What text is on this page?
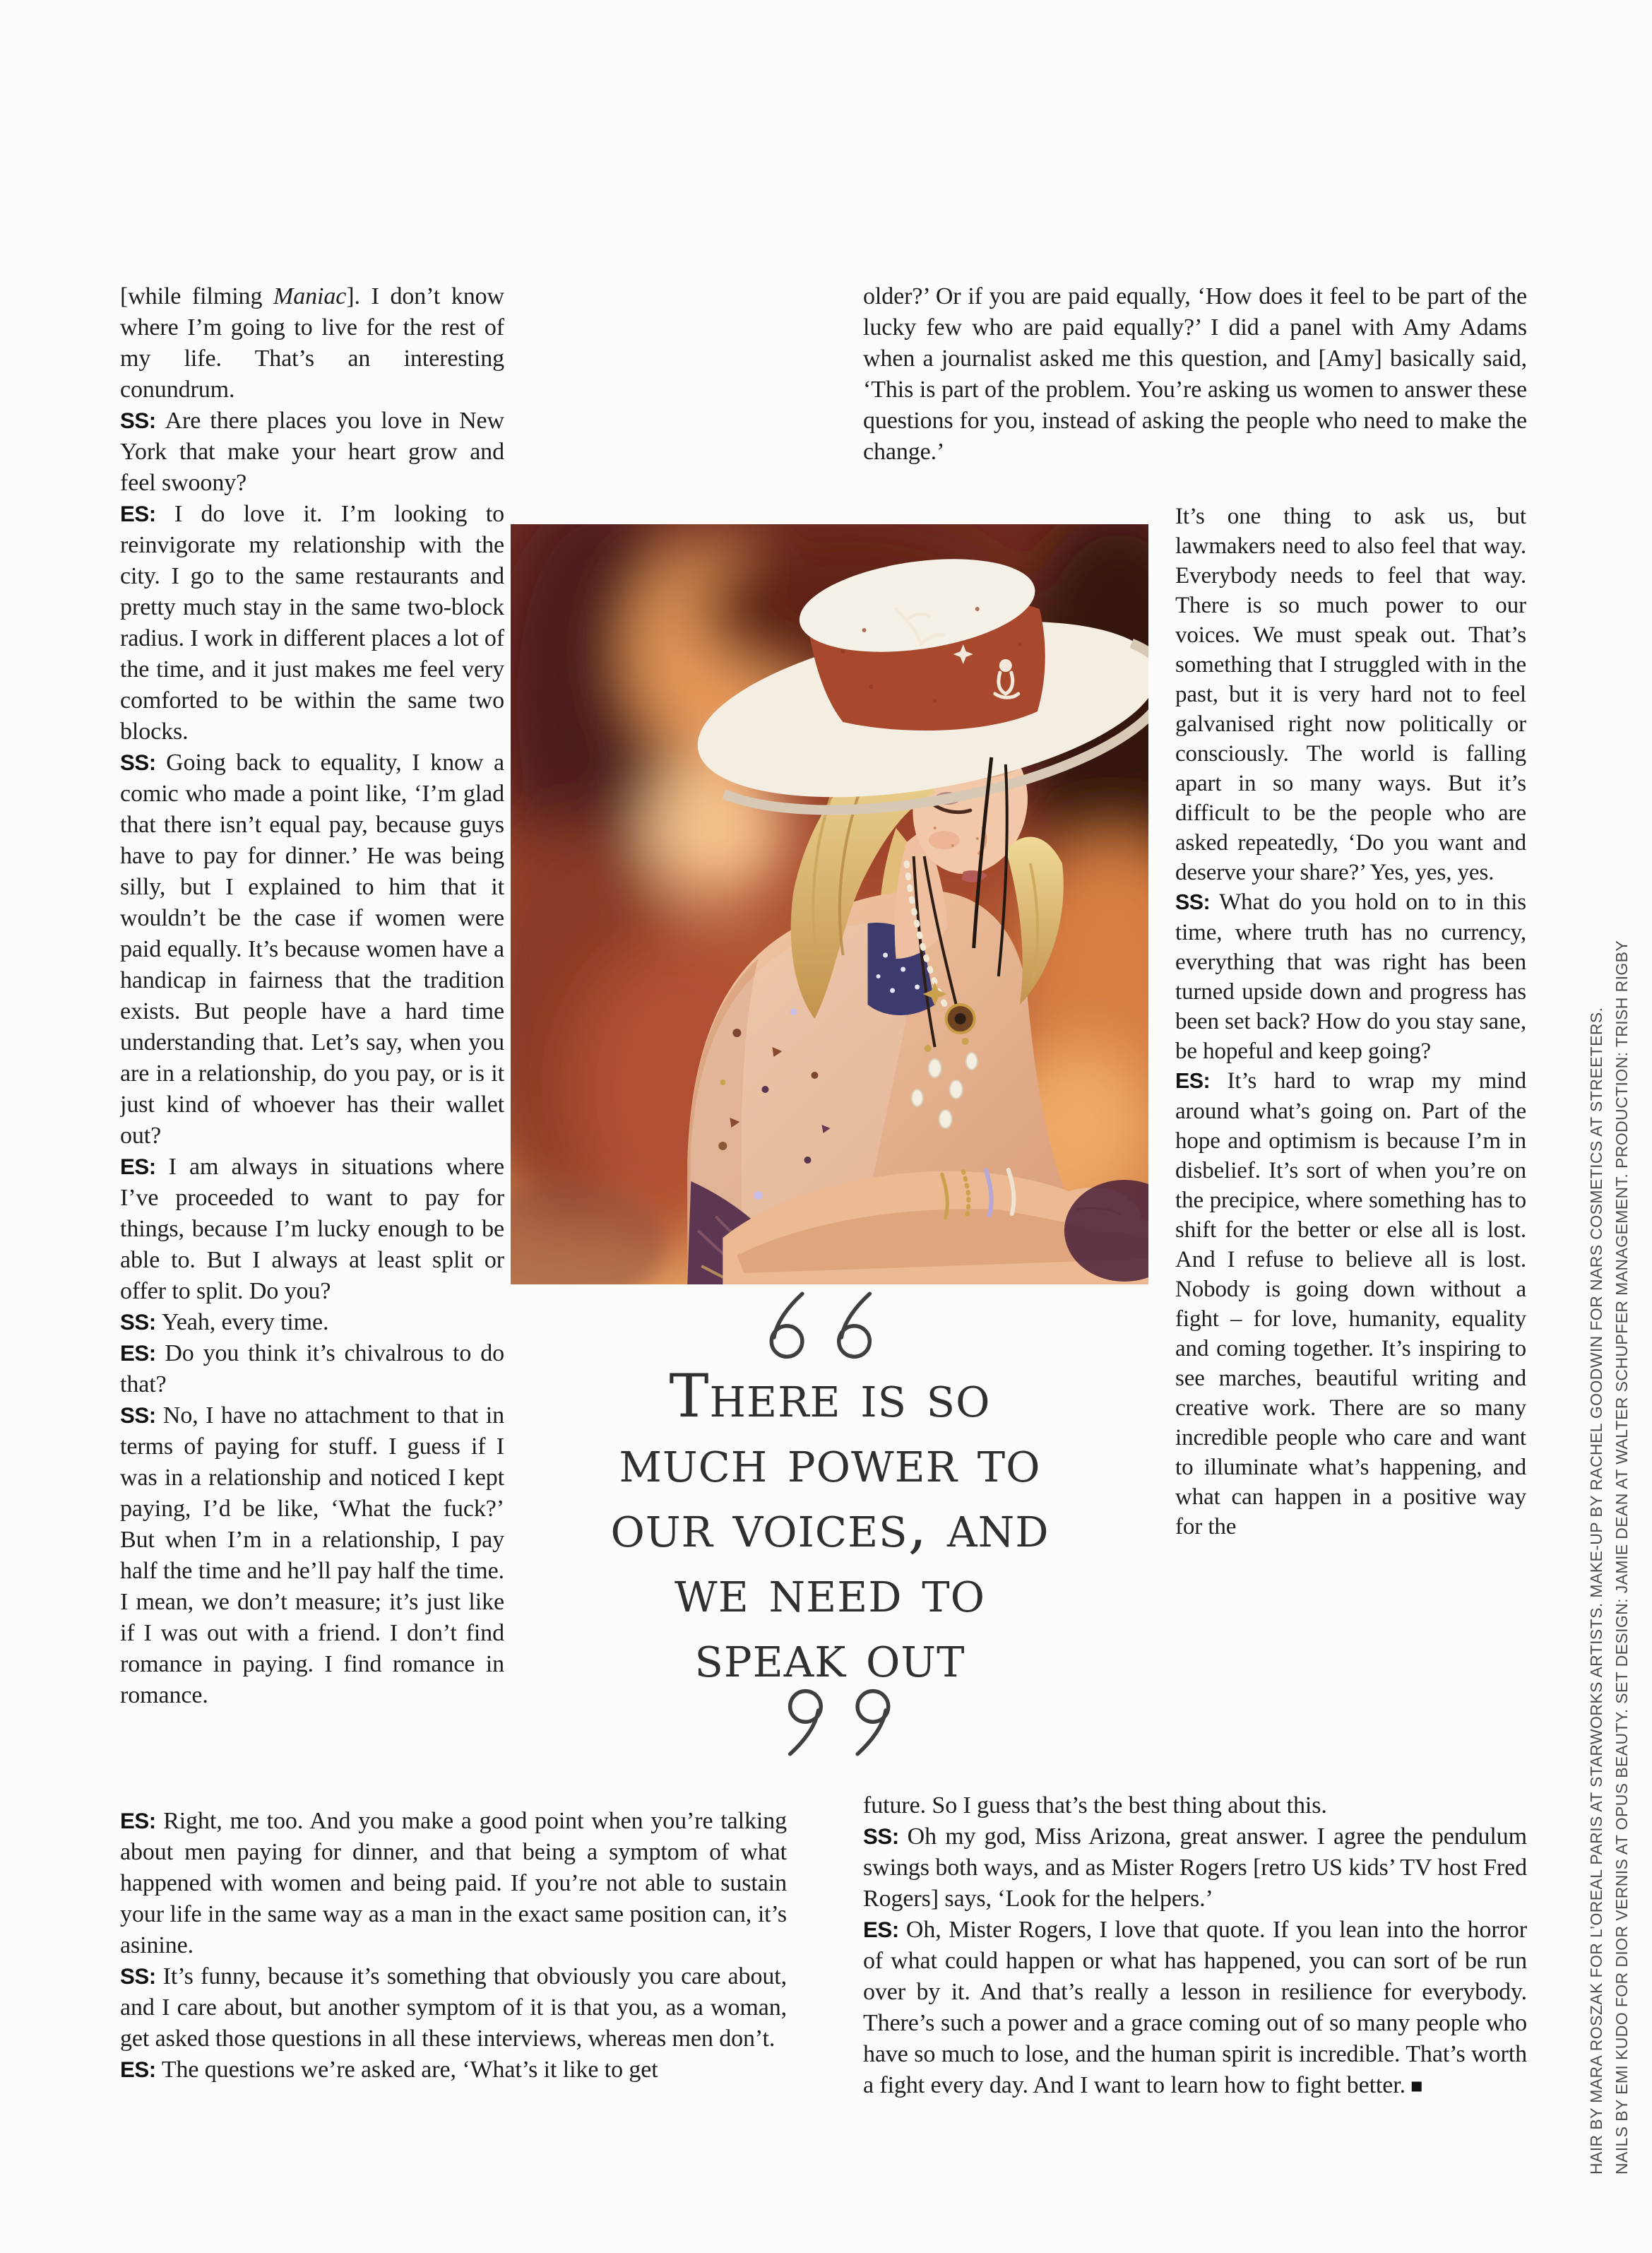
[while filming Maniac]. I don’t know where I’m going to live for the rest of my life. That’s an interesting conundrum.

SS: Are there places you love in New York that make your heart grow and feel swoony?

ES: I do love it. I’m looking to reinvigorate my relationship with the city. I go to the same restaurants and pretty much stay in the same two-block radius. I work in different places a lot of the time, and it just makes me feel very comforted to be within the same two blocks.

SS: Going back to equality, I know a comic who made a point like, ‘I’m glad that there isn’t equal pay, because guys have to pay for dinner.’ He was being silly, but I explained to him that it wouldn’t be the case if women were paid equally. It’s because women have a handicap in fairness that the tradition exists. But people have a hard time understanding that. Let’s say, when you are in a relationship, do you pay, or is it just kind of whoever has their wallet out?

ES: I am always in situations where I’ve proceeded to want to pay for things, because I’m lucky enough to be able to. But I always at least split or offer to split. Do you?

SS: Yeah, every time.

ES: Do you think it’s chivalrous to do that?

SS: No, I have no attachment to that in terms of paying for stuff. I guess if I was in a relationship and noticed I kept paying, I’d be like, ‘What the fuck?’ But when I’m in a relationship, I pay half the time and he’ll pay half the time. I mean, we don’t measure; it’s just like if I was out with a friend. I don’t find romance in paying. I find romance in romance.

older?’ Or if you are paid equally, ‘How does it feel to be part of the lucky few who are paid equally?’ I did a panel with Amy Adams when a journalist asked me this question, and [Amy] basically said, ‘This is part of the problem. You’re asking us women to answer these questions for you, instead of asking the people who need to make the change.’

It’s one thing to ask us, but lawmakers need to also feel that way. Everybody needs to feel that way. There is so much power to our voices. We must speak out. That’s something that I struggled with in the past, but it is very hard not to feel galvanised right now politically or consciously. The world is falling apart in so many ways. But it’s difficult to be the people who are asked repeatedly, ‘Do you want and deserve your share?’ Yes, yes, yes.

SS: What do you hold on to in this time, where truth has no currency, everything that was right has been turned upside down and progress has been set back? How do you stay sane, be hopeful and keep going?

ES: It’s hard to wrap my mind around what’s going on. Part of the hope and optimism is because I’m in disbelief. It’s sort of when you’re on the precipice, where something has to shift for the better or else all is lost. And I refuse to believe all is lost. Nobody is going down without a fight – for love, humanity, equality and coming together. It’s inspiring to see marches, beautiful writing and creative work. There are so many incredible people who care and want to illuminate what’s happening, and what can happen in a positive way for the

ES: Right, me too. And you make a good point when you’re talking about men paying for dinner, and that being a symptom of what happened with women and being paid. If you’re not able to sustain your life in the same way as a man in the exact same position can, it’s asinine.

SS: It’s funny, because it’s something that obviously you care about, and I care about, but another symptom of it is that you, as a woman, get asked those questions in all these interviews, whereas men don’t.

ES: The questions we’re asked are, ‘What’s it like to get

future. So I guess that’s the best thing about this.

SS: Oh my god, Miss Arizona, great answer. I agree the pendulum swings both ways, and as Mister Rogers [retro US kids’ TV host Fred Rogers] says, ‘Look for the helpers.’

ES: Oh, Mister Rogers, I love that quote. If you lean into the horror of what could happen or what has happened, you can sort of be run over by it. And that’s really a lesson in resilience for everybody. There’s such a power and a grace coming out of so many people who have so much to lose, and the human spirit is incredible. That’s worth a fight every day. And I want to learn how to fight better. ■

There is so
much power to
our voices, and
we need to
speak out	HAIR BY MARA ROSZAK FOR L’OREAL PARIS AT STARWORKS ARTISTS. MAKE-UP BY RACHEL GOODWIN FOR NARS COSMETICS AT STREETERS. NAILS BY EMI KUDO FOR DIOR VERNIS AT OPUS BEAUTY. SET DESIGN: JAMIE DEAN AT WALTER SCHUPFER MANAGEMENT. PRODUCTION: TRISH RIGBY
